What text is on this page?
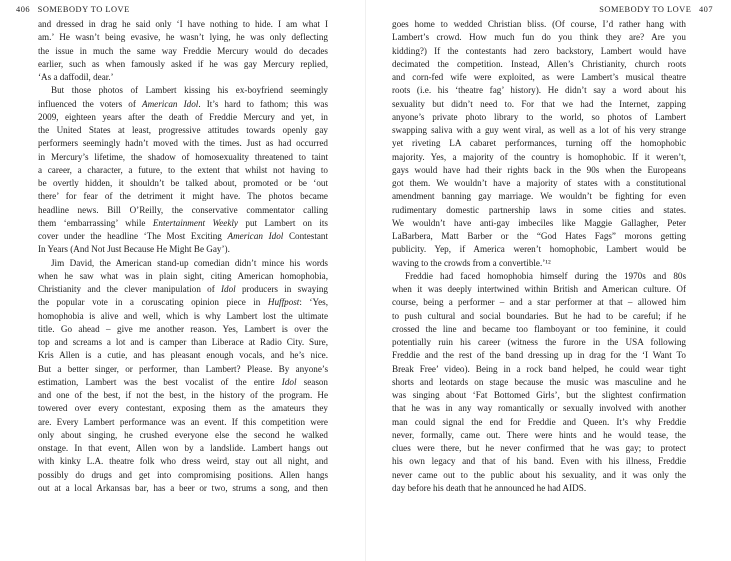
406 SOMEBODY TO LOVE
and dressed in drag he said only ‘I have nothing to hide. I am what I
am.’ He wasn’t being evasive, he wasn’t lying, he was only deflecting
the issue in much the same way Freddie Mercury would do decades
earlier, such as when famously asked if he was gay Mercury replied,
‘As a daffodil, dear.’
But those photos of Lambert kissing his ex-boyfriend seemingly
influenced the voters of American Idol. It’s hard to fathom; this was
2009, eighteen years after the death of Freddie Mercury and yet, in
the United States at least, progressive attitudes towards openly gay
performers seemingly hadn’t moved with the times. Just as had occurred
in Mercury’s lifetime, the shadow of homosexuality threatened to taint
a career, a character, a future, to the extent that whilst not having to
be overtly hidden, it shouldn’t be talked about, promoted or be ‘out
there’ for fear of the detriment it might have. The photos became
headline news. Bill O’Reilly, the conservative commentator calling
them ‘embarrassing’ while Entertainment Weekly put Lambert on its
cover under the headline ‘The Most Exciting American Idol Contestant
In Years (And Not Just Because He Might Be Gay’).
Jim David, the American stand-up comedian didn’t mince his words
when he saw what was in plain sight, citing American homophobia,
Christianity and the clever manipulation of Idol producers in swaying
the popular vote in a coruscating opinion piece in Huffpost: ‘Yes,
homophobia is alive and well, which is why Lambert lost the ultimate
title. Go ahead – give me another reason. Yes, Lambert is over the
top and screams a lot and is camper than Liberace at Radio City. Sure,
Kris Allen is a cutie, and has pleasant enough vocals, and he’s nice.
But a better singer, or performer, than Lambert? Please. By anyone’s
estimation, Lambert was the best vocalist of the entire Idol season
and one of the best, if not the best, in the history of the program. He
towered over every contestant, exposing them as the amateurs they
are. Every Lambert performance was an event. If this competition were
only about singing, he crushed everyone else the second he walked
onstage. In that event, Allen won by a landslide. Lambert hangs out
with kinky L.A. theatre folk who dress weird, stay out all night, and
possibly do drugs and get into compromising positions. Allen hangs
out at a local Arkansas bar, has a beer or two, strums a song, and then
SOMEBODY TO LOVE 407
goes home to wedded Christian bliss. (Of course, I’d rather hang with
Lambert’s crowd. How much fun do you think they are? Are you
kidding?) If the contestants had zero backstory, Lambert would have
decimated the competition. Instead, Allen’s Christianity, church roots
and corn-fed wife were exploited, as were Lambert’s musical theatre
roots (i.e. his ‘theatre fag’ history). He didn’t say a word about his
sexuality but didn’t need to. For that we had the Internet, zapping
anyone’s private photo library to the world, so photos of Lambert
swapping saliva with a guy went viral, as well as a lot of his very strange
yet riveting LA cabaret performances, turning off the homophobic
majority. Yes, a majority of the country is homophobic. If it weren’t,
gays would have had their rights back in the 90s when the Europeans
got them. We wouldn’t have a majority of states with a constitutional
amendment banning gay marriage. We wouldn’t be fighting for even
rudimentary domestic partnership laws in some cities and states.
We wouldn’t have anti-gay imbeciles like Maggie Gallagher, Peter
LaBarbera, Matt Barber or the “God Hates Fags” morons getting
publicity. Yep, if America weren’t homophobic, Lambert would be
waving to the crowds from a convertible.’¹²
Freddie had faced homophobia himself during the 1970s and 80s
when it was deeply intertwined within British and American culture. Of
course, being a performer – and a star performer at that – allowed him
to push cultural and social boundaries. But he had to be careful; if he
crossed the line and became too flamboyant or too feminine, it could
potentially ruin his career (witness the furore in the USA following
Freddie and the rest of the band dressing up in drag for the ‘I Want To
Break Free’ video). Being in a rock band helped, he could wear tight
shorts and leotards on stage because the music was masculine and he
was singing about ‘Fat Bottomed Girls’, but the slightest confirmation
that he was in any way romantically or sexually involved with another
man could signal the end for Freddie and Queen. It’s why Freddie
never, formally, came out. There were hints and he would tease, the
clues were there, but he never confirmed that he was gay; to protect
his own legacy and that of his band. Even with his illness, Freddie
never came out to the public about his sexuality, and it was only the
day before his death that he announced he had AIDS.
